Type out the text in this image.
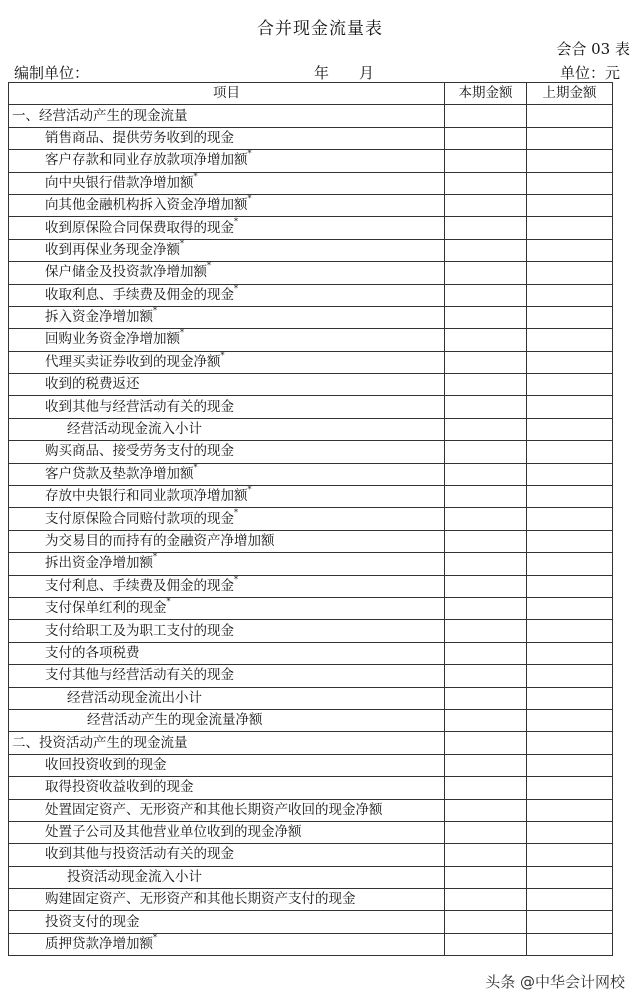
合并现金流量表
会合 03 表
编制单位：	年　　月	单位：元
项目	本期金额	上期金额
一、经营活动产生的现金流量		
销售商品、提供劳务收到的现金		
客户存款和同业存放款项净增加额*		
向中央银行借款净增加额*		
向其他金融机构拆入资金净增加额*		
收到原保险合同保费取得的现金*		
收到再保业务现金净额*		
保户储金及投资款净增加额*		
收取利息、手续费及佣金的现金*		
拆入资金净增加额*		
回购业务资金净增加额*		
代理买卖证券收到的现金净额*		
收到的税费返还		
收到其他与经营活动有关的现金		
经营活动现金流入小计		
购买商品、接受劳务支付的现金		
客户贷款及垫款净增加额*		
存放中央银行和同业款项净增加额*		
支付原保险合同赔付款项的现金*		
为交易目的而持有的金融资产净增加额		
拆出资金净增加额*		
支付利息、手续费及佣金的现金*		
支付保单红利的现金*		
支付给职工及为职工支付的现金		
支付的各项税费		
支付其他与经营活动有关的现金		
经营活动现金流出小计		
经营活动产生的现金流量净额		
二、投资活动产生的现金流量		
收回投资收到的现金		
取得投资收益收到的现金		
处置固定资产、无形资产和其他长期资产收回的现金净额		
处置子公司及其他营业单位收到的现金净额		
收到其他与投资活动有关的现金		
投资活动现金流入小计		
购建固定资产、无形资产和其他长期资产支付的现金		
投资支付的现金		
质押贷款净增加额*		
头条 @中华会计网校
